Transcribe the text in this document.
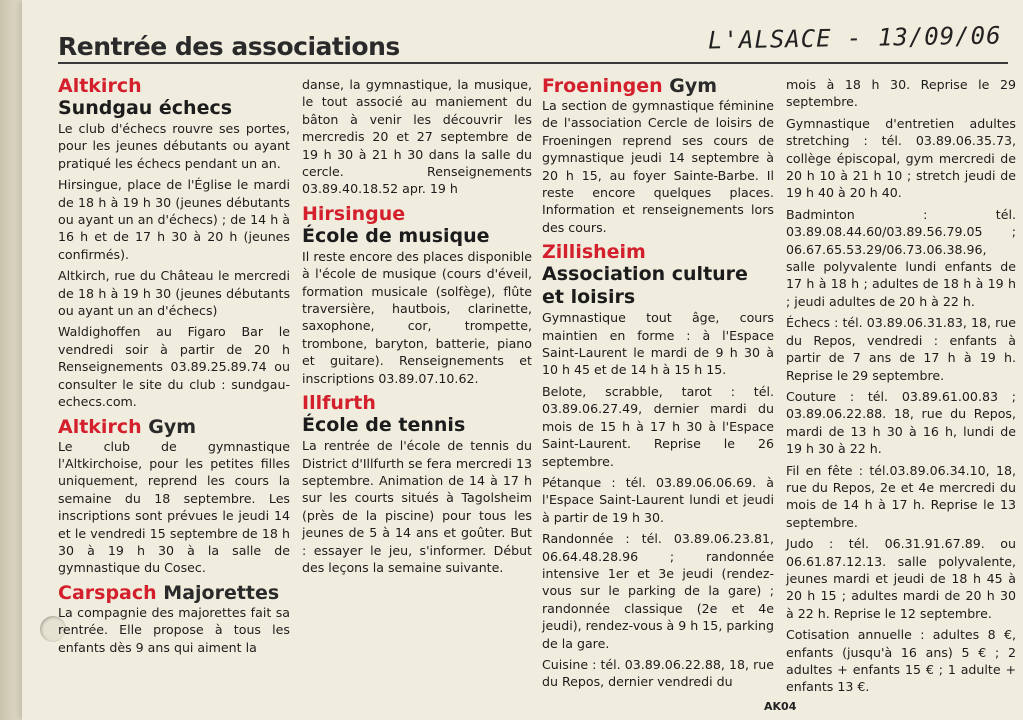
Rentrée des associations	L'ALSACE - 13/09/06
Altkirch
Sundgau échecs

Le club d'échecs rouvre ses portes, pour les jeunes débutants ou ayant pratiqué les échecs pendant un an.

Hirsingue, place de l'Église le mardi de 18 h à 19 h 30 (jeunes débutants ou ayant un an d'échecs) ; de 14 h à 16 h et de 17 h 30 à 20 h (jeunes confirmés).

Altkirch, rue du Château le mercredi de 18 h à 19 h 30 (jeunes débutants ou ayant un an d'échecs)

Waldighoffen au Figaro Bar le vendredi soir à partir de 20 h Renseignements 03.89.25.89.74 ou consulter le site du club : sundgau-echecs.com.

Altkirch Gym

Le club de gymnastique l'Altkirchoise, pour les petites filles uniquement, reprend les cours la semaine du 18 septembre. Les inscriptions sont prévues le jeudi 14 et le vendredi 15 septembre de 18 h 30 à 19 h 30 à la salle de gymnastique du Cosec.

Carspach Majorettes

La compagnie des majorettes fait sa rentrée. Elle propose à tous les enfants dès 9 ans qui aiment la

danse, la gymnastique, la musique, le tout associé au maniement du bâton à venir les découvrir les mercredis 20 et 27 septembre de 19 h 30 à 21 h 30 dans la salle du cercle. Renseignements 03.89.40.18.52 apr. 19 h

Hirsingue
École de musique

Il reste encore des places disponible à l'école de musique (cours d'éveil, formation musicale (solfège), flûte traversière, hautbois, clarinette, saxophone, cor, trompette, trombone, baryton, batterie, piano et guitare). Renseignements et inscriptions 03.89.07.10.62.

Illfurth
École de tennis

La rentrée de l'école de tennis du District d'Illfurth se fera mercredi 13 septembre. Animation de 14 à 17 h sur les courts situés à Tagolsheim (près de la piscine) pour tous les jeunes de 5 à 14 ans et goûter. But : essayer le jeu, s'informer. Début des leçons la semaine suivante.

Froeningen Gym

La section de gymnastique féminine de l'association Cercle de loisirs de Froeningen reprend ses cours de gymnastique jeudi 14 septembre à 20 h 15, au foyer Sainte-Barbe. Il reste encore quelques places. Information et renseignements lors des cours.

Zillisheim
Association culture et loisirs

Gymnastique tout âge, cours maintien en forme : à l'Espace Saint-Laurent le mardi de 9 h 30 à 10 h 45 et de 14 h à 15 h 15.

Belote, scrabble, tarot : tél. 03.89.06.27.49, dernier mardi du mois de 15 h à 17 h 30 à l'Espace Saint-Laurent. Reprise le 26 septembre.

Pétanque : tél. 03.89.06.06.69. à l'Espace Saint-Laurent lundi et jeudi à partir de 19 h 30.

Randonnée : tél. 03.89.06.23.81, 06.64.48.28.96 ; randonnée intensive 1er et 3e jeudi (rendez-vous sur le parking de la gare) ; randonnée classique (2e et 4e jeudi), rendez-vous à 9 h 15, parking de la gare.

Cuisine : tél. 03.89.06.22.88, 18, rue du Repos, dernier vendredi du

mois à 18 h 30. Reprise le 29 septembre.

Gymnastique d'entretien adultes stretching : tél. 03.89.06.35.73, collège épiscopal, gym mercredi de 20 h 10 à 21 h 10 ; stretch jeudi de 19 h 40 à 20 h 40.

Badminton : tél. 03.89.08.44.60/03.89.56.79.05 ; 06.67.65.53.29/06.73.06.38.96, salle polyvalente lundi enfants de 17 h à 18 h ; adultes de 18 h à 19 h ; jeudi adultes de 20 h à 22 h.

Échecs : tél. 03.89.06.31.83, 18, rue du Repos, vendredi : enfants à partir de 7 ans de 17 h à 19 h. Reprise le 29 septembre.

Couture : tél. 03.89.61.00.83 ; 03.89.06.22.88. 18, rue du Repos, mardi de 13 h 30 à 16 h, lundi de 19 h 30 à 22 h.

Fil en fête : tél.03.89.06.34.10, 18, rue du Repos, 2e et 4e mercredi du mois de 14 h à 17 h. Reprise le 13 septembre.

Judo : tél. 06.31.91.67.89. ou 06.61.87.12.13. salle polyvalente, jeunes mardi et jeudi de 18 h 45 à 20 h 15 ; adultes mardi de 20 h 30 à 22 h. Reprise le 12 septembre.

Cotisation annuelle : adultes 8 €, enfants (jusqu'à 16 ans) 5 € ; 2 adultes + enfants 15 € ; 1 adulte + enfants 13 €.

AK04
